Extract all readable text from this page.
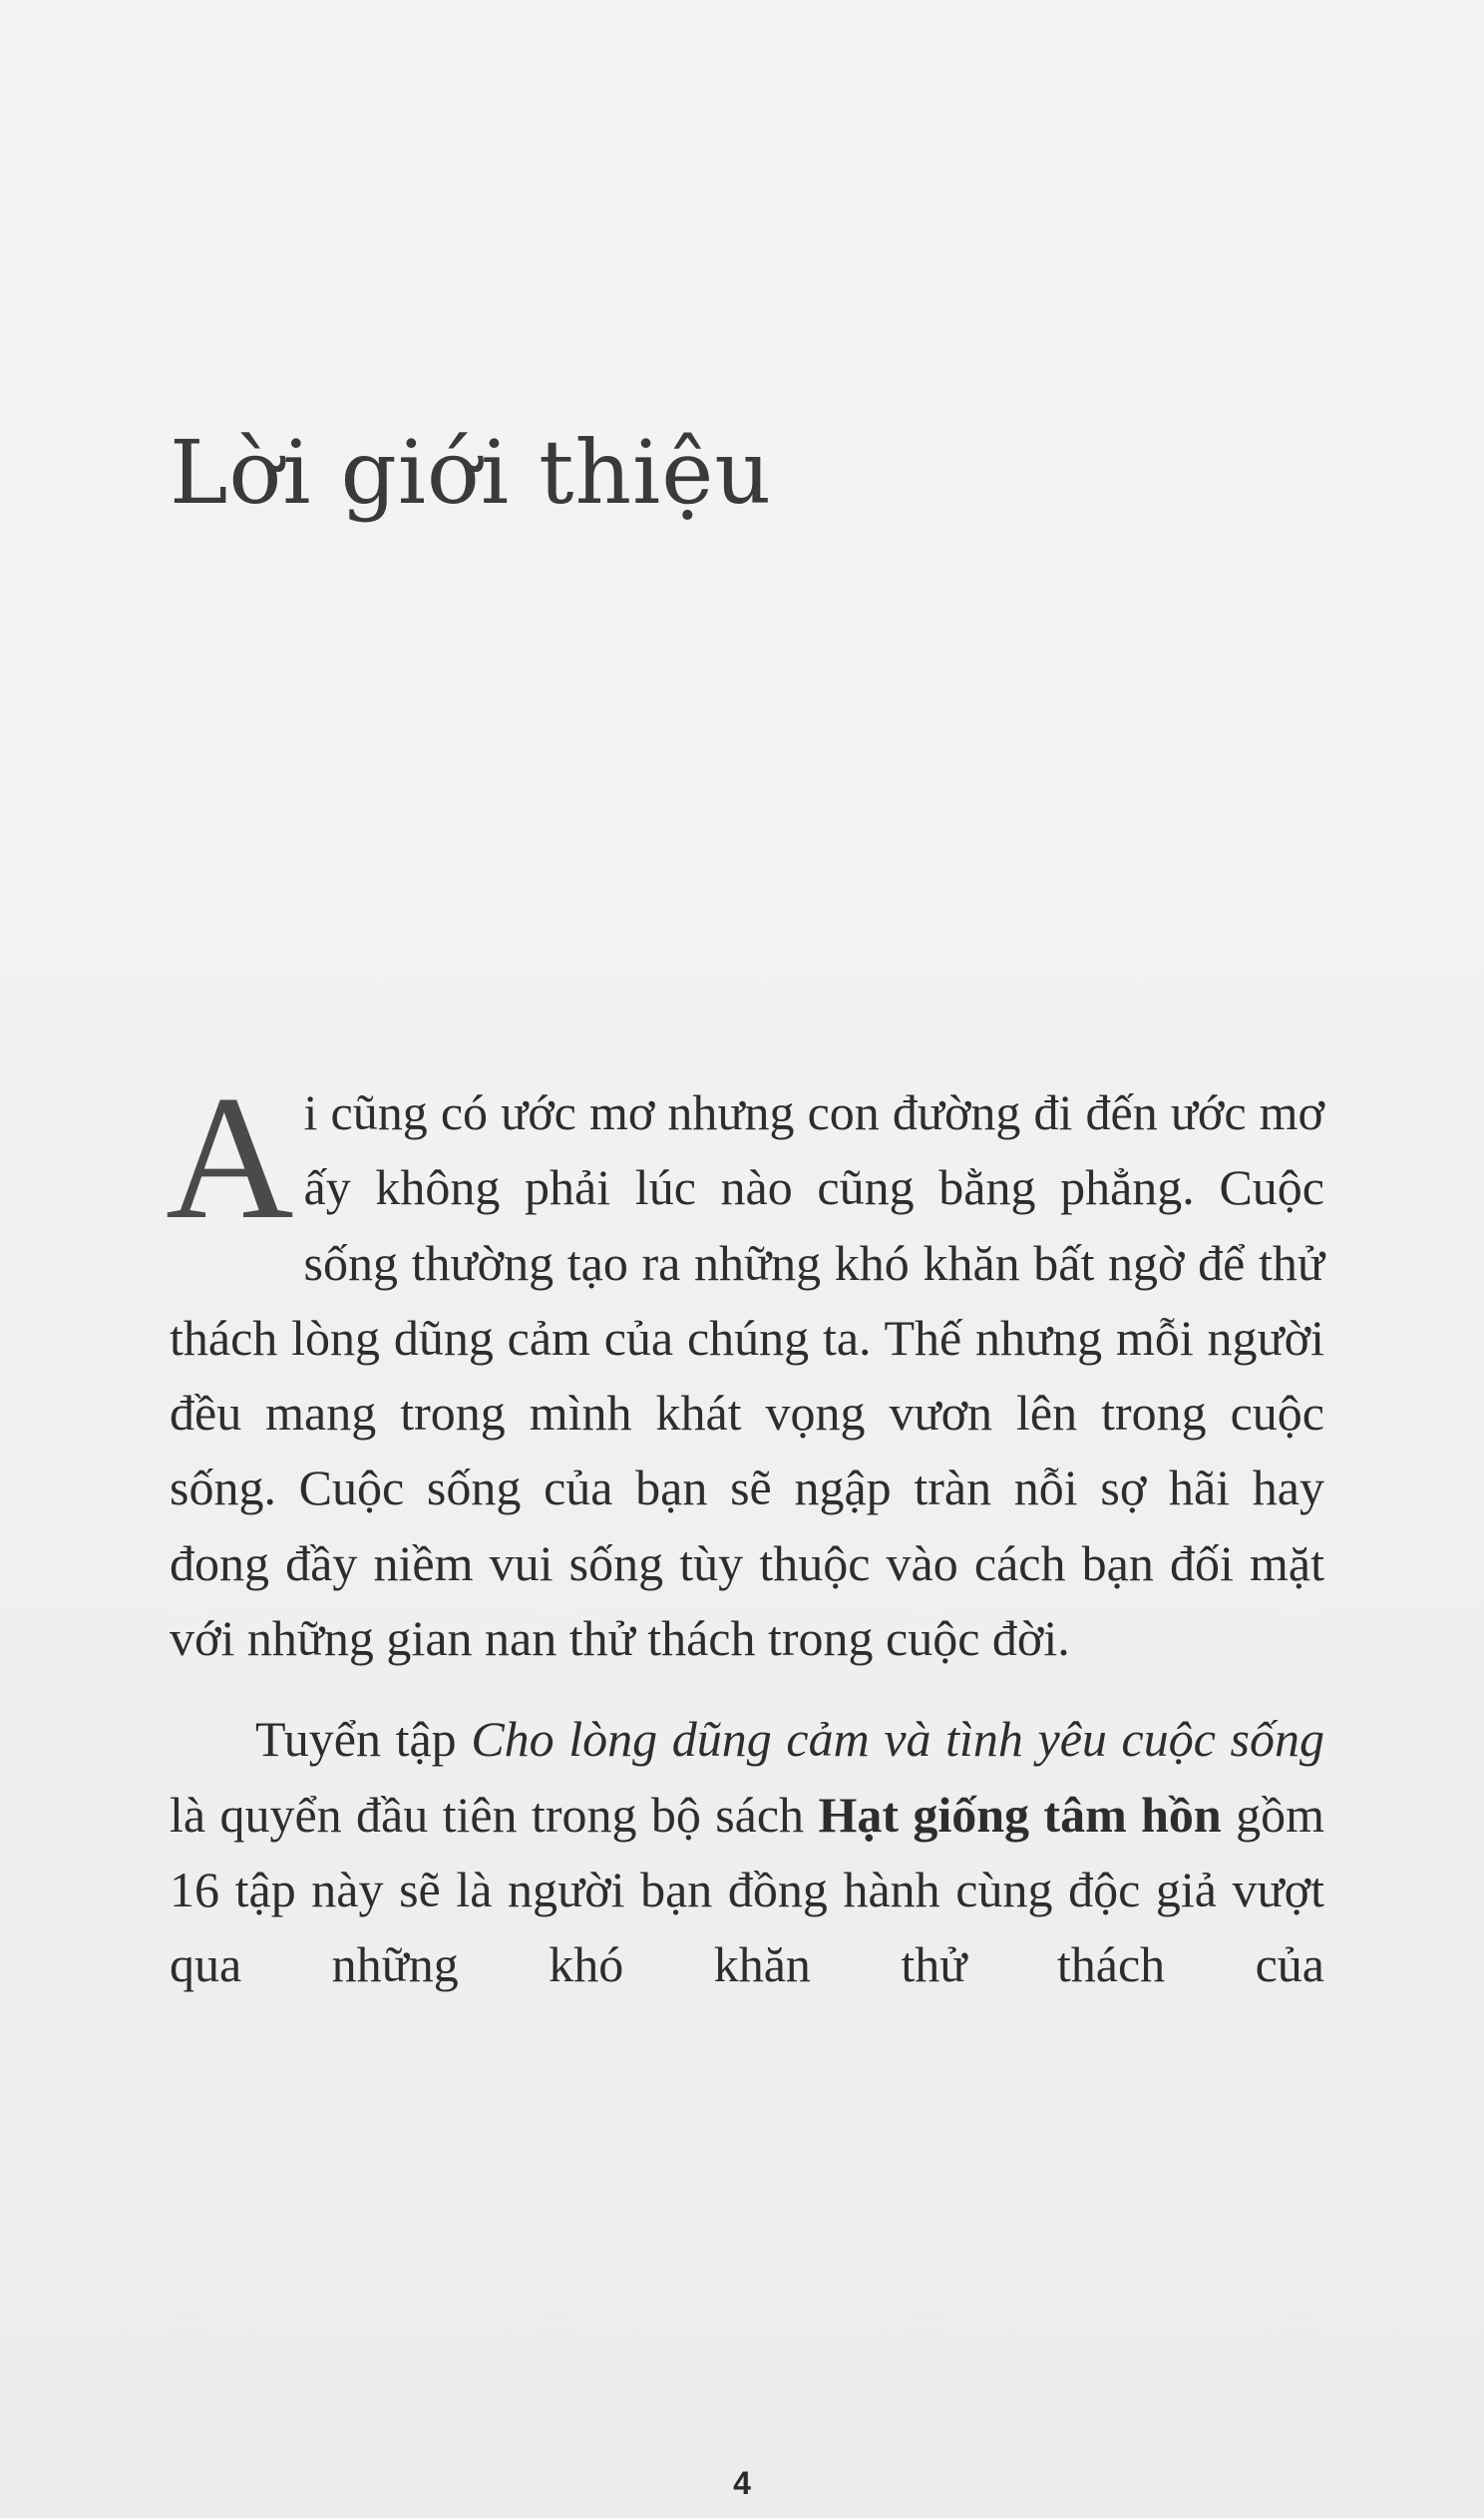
Lời giới thiệu

Ai cũng có ước mơ nhưng con đường đi đến ước mơ ấy không phải lúc nào cũng bằng phẳng. Cuộc sống thường tạo ra những khó khăn bất ngờ để thử thách lòng dũng cảm của chúng ta. Thế nhưng mỗi người đều mang trong mình khát vọng vươn lên trong cuộc sống. Cuộc sống của bạn sẽ ngập tràn nỗi sợ hãi hay đong đầy niềm vui sống tùy thuộc vào cách bạn đối mặt với những gian nan thử thách trong cuộc đời.

Tuyển tập Cho lòng dũng cảm và tình yêu cuộc sống là quyển đầu tiên trong bộ sách Hạt giống tâm hồn gồm 16 tập này sẽ là người bạn đồng hành cùng độc giả vượt qua những khó khăn thử thách của

4
